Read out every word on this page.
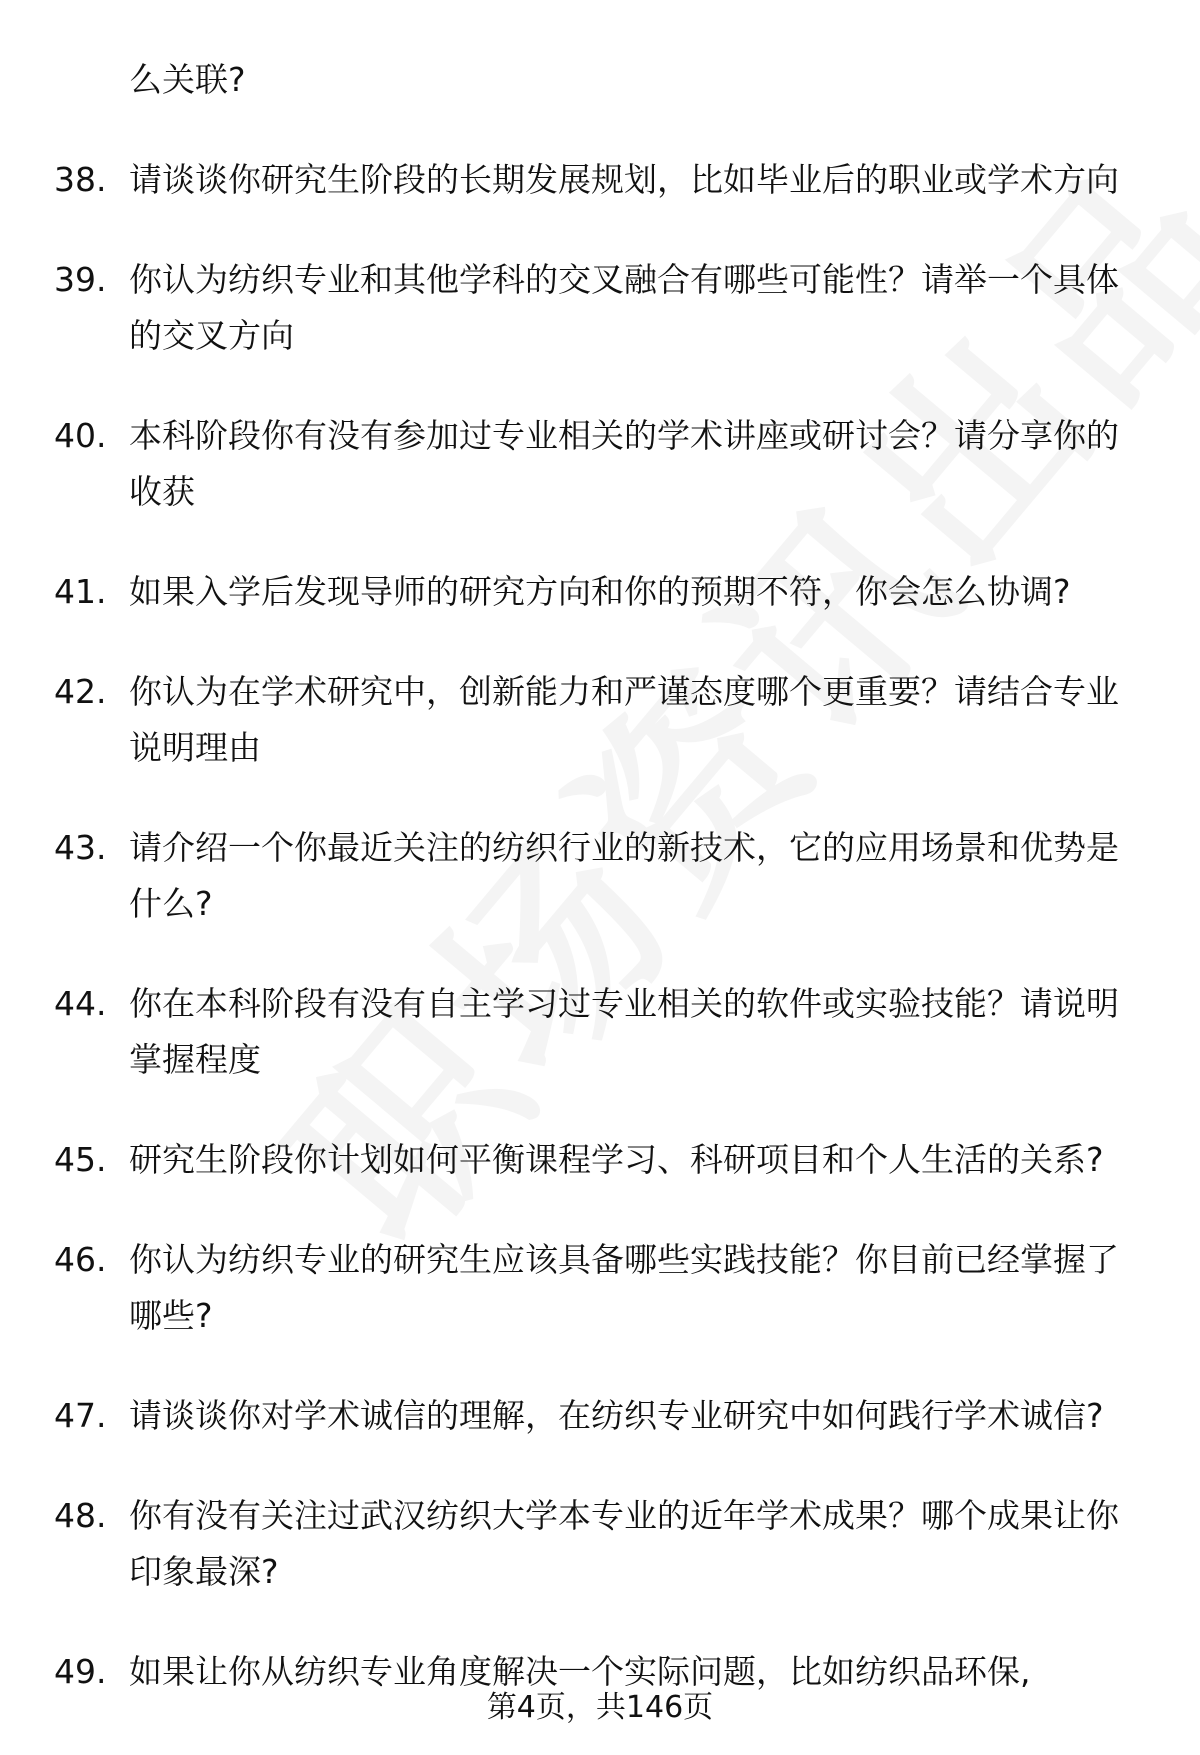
么关联?
38. 请谈谈你研究生阶段的长期发展规划，比如毕业后的职业或学术方向
39. 你认为纺织专业和其他学科的交叉融合有哪些可能性？请举一个具体的交叉方向
40. 本科阶段你有没有参加过专业相关的学术讲座或研讨会？请分享你的收获
41. 如果入学后发现导师的研究方向和你的预期不符，你会怎么协调?
42. 你认为在学术研究中，创新能力和严谨态度哪个更重要？请结合专业说明理由
43. 请介绍一个你最近关注的纺织行业的新技术，它的应用场景和优势是什么?
44. 你在本科阶段有没有自主学习过专业相关的软件或实验技能？请说明掌握程度
45. 研究生阶段你计划如何平衡课程学习、科研项目和个人生活的关系?
46. 你认为纺织专业的研究生应该具备哪些实践技能？你目前已经掌握了哪些?
47. 请谈谈你对学术诚信的理解，在纺织专业研究中如何践行学术诚信?
48. 你有没有关注过武汉纺织大学本专业的近年学术成果？哪个成果让你印象最深?
49. 如果让你从纺织专业角度解决一个实际问题，比如纺织品环保,
第4页，共146页
